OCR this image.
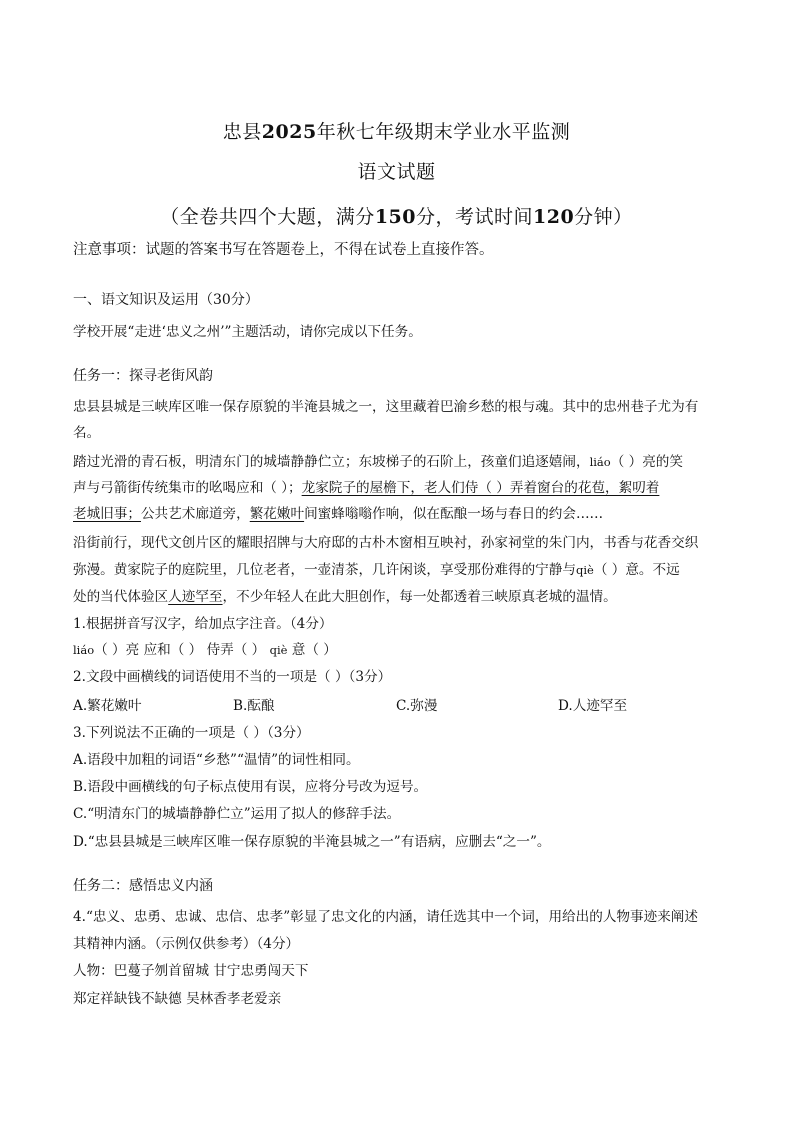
忠县2025年秋七年级期末学业水平监测
语文试题
（全卷共四个大题，满分150分，考试时间120分钟）
注意事项：试题的答案书写在答题卷上，不得在试卷上直接作答。
一、语文知识及运用（30分）
学校开展“走进‘忠义之州’”主题活动，请你完成以下任务。
任务一：探寻老街风韵
忠县县城是三峡库区唯一保存原貌的半淹县城之一，这里藏着巴渝乡愁的根与魂。其中的忠州巷子尤为有
名。
踏过光滑的青石板，明清东门的城墙静静伫立；东坡梯子的石阶上，孩童们追逐嬉闹，liáo（ ）亮的笑
声与弓箭街传统集市的吆喝应和（ ）；龙家院子的屋檐下，老人们侍（ ）弄着窗台的花苞，絮叨着
老城旧事；公共艺术廊道旁，繁花嫩叶间蜜蜂嗡嗡作响，似在酝酿一场与春日的约会……
沿街前行，现代文创片区的耀眼招牌与大府邸的古朴木窗相互映衬，孙家祠堂的朱门内，书香与花香交织
弥漫。黄家院子的庭院里，几位老者，一壶清茶，几许闲谈，享受那份难得的宁静与qiè（ ）意。不远
处的当代体验区人迹罕至，不少年轻人在此大胆创作，每一处都透着三峡原真老城的温情。
1.根据拼音写汉字，给加点字注音。（4分）
liáo（ ）亮 应和（ ） 侍弄（ ） qiè 意（ ）
2.文段中画横线的词语使用不当的一项是（ ）（3分）
A.繁花嫩叶	B.酝酿	C.弥漫	D.人迹罕至
3.下列说法不正确的一项是（ ）（3分）
A.语段中加粗的词语“乡愁”“温情”的词性相同。
B.语段中画横线的句子标点使用有误，应将分号改为逗号。
C.“明清东门的城墙静静伫立”运用了拟人的修辞手法。
D.“忠县县城是三峡库区唯一保存原貌的半淹县城之一”有语病，应删去“之一”。
任务二：感悟忠义内涵
4.“忠义、忠勇、忠诚、忠信、忠孝”彰显了忠文化的内涵，请任选其中一个词，用给出的人物事迹来阐述
其精神内涵。（示例仅供参考）（4分）
人物：巴蔓子刎首留城 甘宁忠勇闯天下
郑定祥缺钱不缺德 吴林香孝老爱亲
